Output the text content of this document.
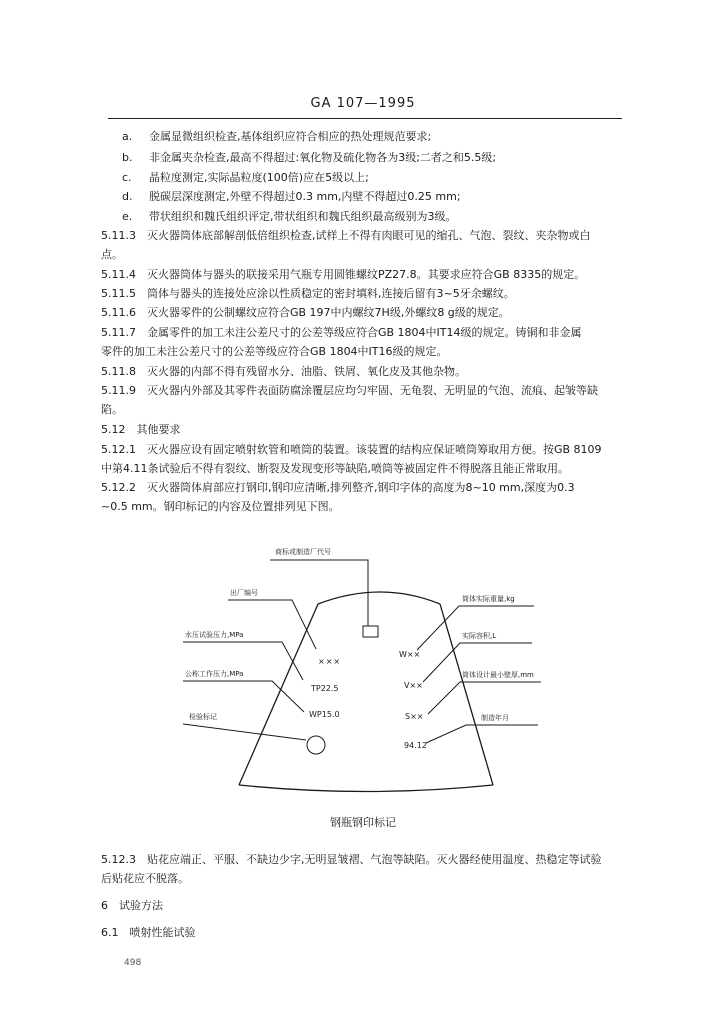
GA 107—1995
a. 金属显微组织检查,基体组织应符合相应的热处理规范要求;
b. 非金属夹杂检查,最高不得超过:氧化物及硫化物各为3级;二者之和5.5级;
c. 晶粒度测定,实际晶粒度(100倍)应在5级以上;
d. 脱碳层深度测定,外壁不得超过0.3 mm,内壁不得超过0.25 mm;
e. 带状组织和魏氏组织评定,带状组织和魏氏组织最高级别为3级。
5.11.3　灭火器筒体底部解剖低倍组织检查,试样上不得有肉眼可见的缩孔、气泡、裂纹、夹杂物或白
点。
5.11.4　灭火器筒体与器头的联接采用气瓶专用圆锥螺纹PZ27.8。其要求应符合GB 8335的规定。
5.11.5　筒体与器头的连接处应涂以性质稳定的密封填料,连接后留有3~5牙余螺纹。
5.11.6　灭火器零件的公制螺纹应符合GB 197中内螺纹7H级,外螺纹8 g级的规定。
5.11.7　金属零件的加工未注公差尺寸的公差等级应符合GB 1804中IT14级的规定。铸铜和非金属
零件的加工未注公差尺寸的公差等级应符合GB 1804中IT16级的规定。
5.11.8　灭火器的内部不得有残留水分、油脂、铁屑、氧化皮及其他杂物。
5.11.9　灭火器内外部及其零件表面防腐涂覆层应均匀牢固、无龟裂、无明显的气泡、流痕、起皱等缺
陷。
5.12　其他要求
5.12.1　灭火器应设有固定喷射软管和喷筒的装置。该装置的结构应保证喷筒筹取用方便。按GB 8109
中第4.11条试验后不得有裂纹、断裂及发现变形等缺陷,喷筒等被固定件不得脱落且能正常取用。
5.12.2　灭火器筒体肩部应打钢印,钢印应清晰,排列整齐,钢印字体的高度为8~10 mm,深度为0.3
~0.5 mm。钢印标记的内容及位置排列见下图。
商标或制造厂代号
出厂编号
水压试验压力,MPa
公称工作压力,MPa
检验标记
筒体实际重量,kg
实际容积,L
筒体设计最小壁厚,mm
制造年月
×××
TP22.5
WP15.0
W××
V××
S××
94.12
钢瓶钢印标记
5.12.3　贴花应端正、平服、不缺边少字,无明显皱褶、气泡等缺陷。灭火器经使用温度、热稳定等试验
后贴花应不脱落。
6　试验方法
6.1　喷射性能试验
498
